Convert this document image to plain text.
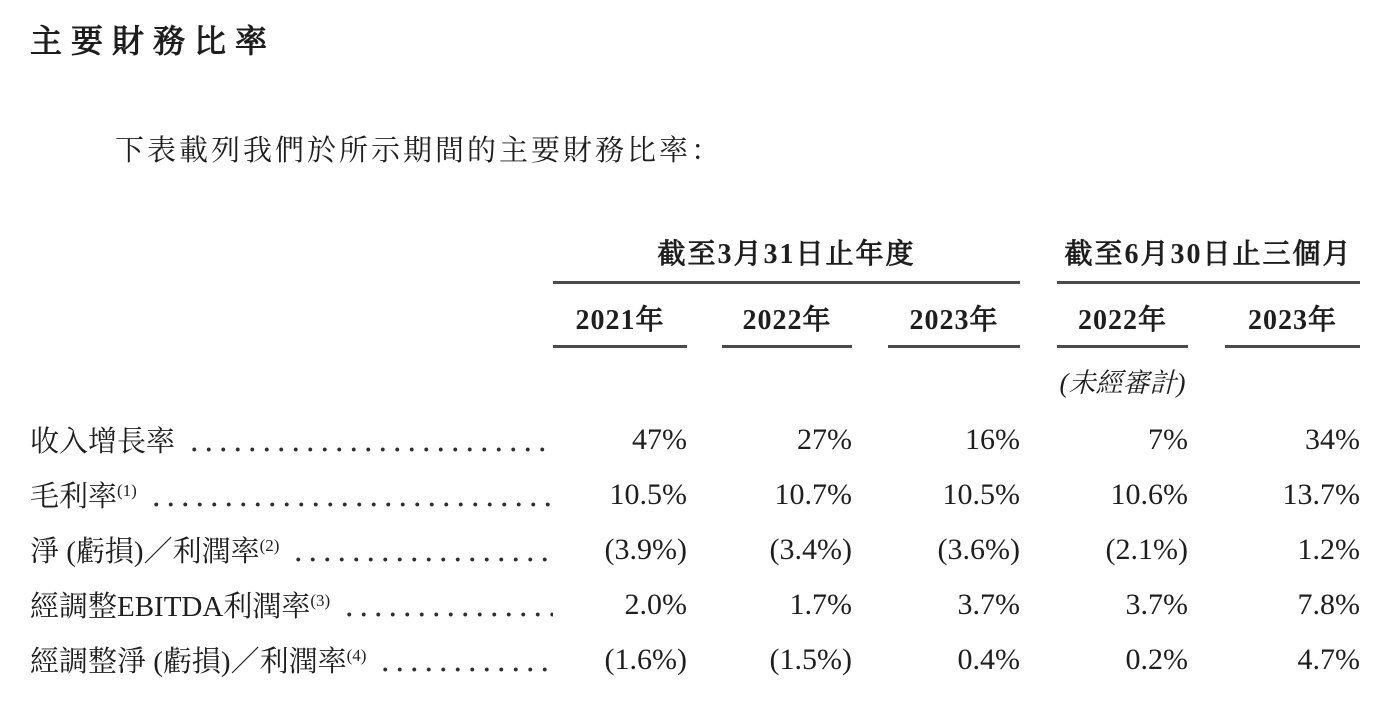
主要財務比率
下表載列我們於所示期間的主要財務比率：
截至3月31日止年度	截至6月30日止三個月
2021年	2022年	2023年	2022年	2023年
(未經審計)
收入增長率	47%	27%	16%	7%	34%
毛利率$^{(1)}$	10.5%	10.7%	10.5%	10.6%	13.7%
淨 (虧損)／利潤率$^{(2)}$	(3.9%)	(3.4%)	(3.6%)	(2.1%)	1.2%
經調整EBITDA利潤率$^{(3)}$	2.0%	1.7%	3.7%	3.7%	7.8%
經調整淨 (虧損)／利潤率$^{(4)}$	(1.6%)	(1.5%)	0.4%	0.2%	4.7%
